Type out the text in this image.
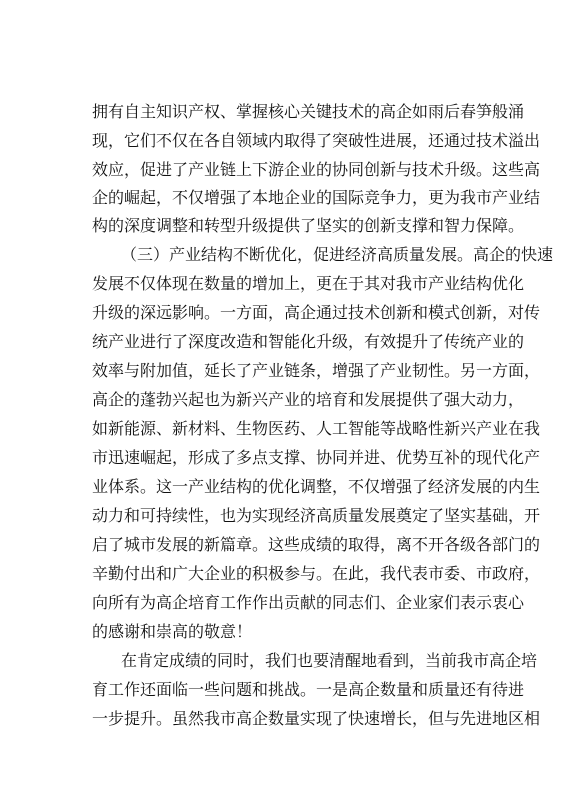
拥有自主知识产权、掌握核心关键技术的高企如雨后春笋般涌
现，它们不仅在各自领域内取得了突破性进展，还通过技术溢出
效应，促进了产业链上下游企业的协同创新与技术升级。这些高
企的崛起，不仅增强了本地企业的国际竞争力，更为我市产业结
构的深度调整和转型升级提供了坚实的创新支撑和智力保障。
（三）产业结构不断优化，促进经济高质量发展。高企的快速
发展不仅体现在数量的增加上，更在于其对我市产业结构优化
升级的深远影响。一方面，高企通过技术创新和模式创新，对传
统产业进行了深度改造和智能化升级，有效提升了传统产业的
效率与附加值，延长了产业链条，增强了产业韧性。另一方面，
高企的蓬勃兴起也为新兴产业的培育和发展提供了强大动力，
如新能源、新材料、生物医药、人工智能等战略性新兴产业在我
市迅速崛起，形成了多点支撑、协同并进、优势互补的现代化产
业体系。这一产业结构的优化调整，不仅增强了经济发展的内生
动力和可持续性，也为实现经济高质量发展奠定了坚实基础，开
启了城市发展的新篇章。这些成绩的取得，离不开各级各部门的
辛勤付出和广大企业的积极参与。在此，我代表市委、市政府，
向所有为高企培育工作作出贡献的同志们、企业家们表示衷心
的感谢和崇高的敬意！
在肯定成绩的同时，我们也要清醒地看到，当前我市高企培
育工作还面临一些问题和挑战。一是高企数量和质量还有待进
一步提升。虽然我市高企数量实现了快速增长，但与先进地区相
